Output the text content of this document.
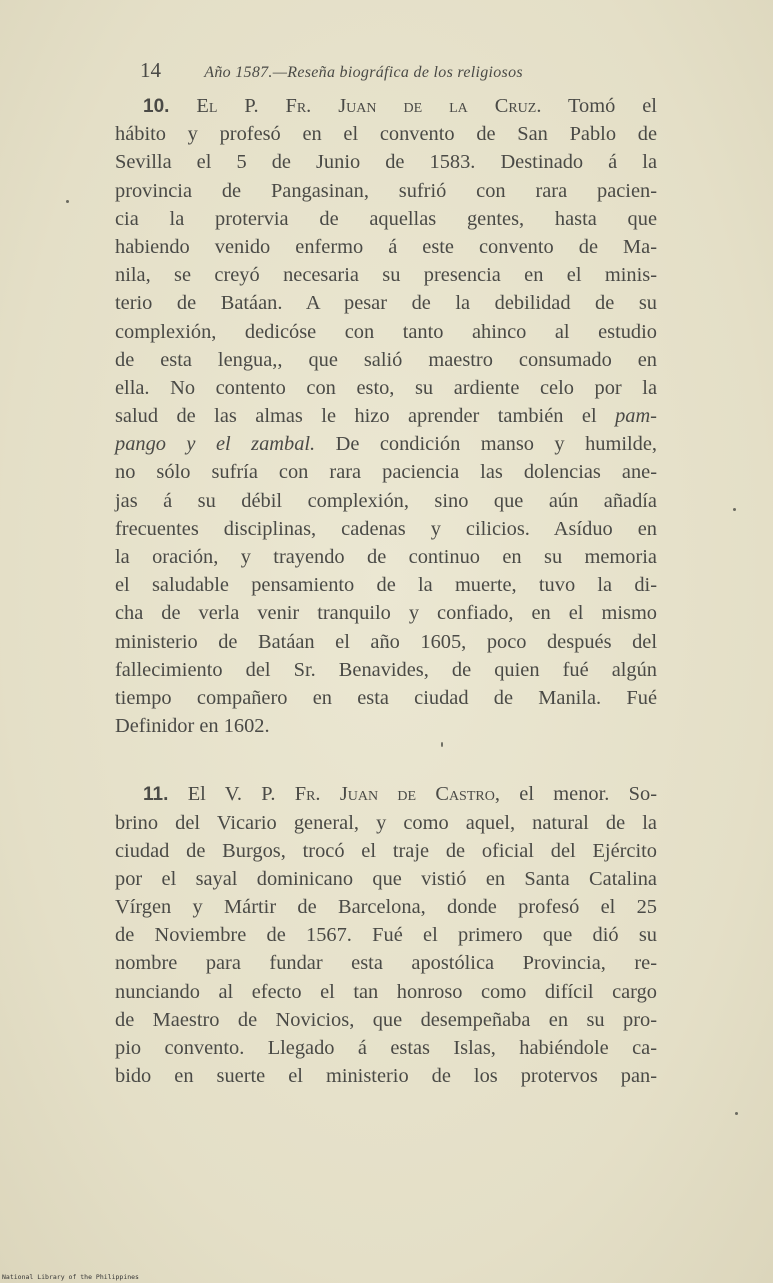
14	Año 1587.—Reseña biográfica de los religiosos
10. El P. Fr. Juan de la Cruz. Tomó el
hábito y profesó en el convento de San Pablo de
Sevilla el 5 de Junio de 1583. Destinado á la
provincia de Pangasinan, sufrió con rara pacien-
cia la protervia de aquellas gentes, hasta que
habiendo venido enfermo á este convento de Ma-
nila, se creyó necesaria su presencia en el minis-
terio de Batáan. A pesar de la debilidad de su
complexión, dedicóse con tanto ahinco al estudio
de esta lengua,, que salió maestro consumado en
ella. No contento con esto, su ardiente celo por la
salud de las almas le hizo aprender también el pam-
pango y el zambal. De condición manso y humilde,
no sólo sufría con rara paciencia las dolencias ane-
jas á su débil complexión, sino que aún añadía
frecuentes disciplinas, cadenas y cilicios. Asíduo en
la oración, y trayendo de continuo en su memoria
el saludable pensamiento de la muerte, tuvo la di-
cha de verla venir tranquilo y confiado, en el mismo
ministerio de Batáan el año 1605, poco después del
fallecimiento del Sr. Benavides, de quien fué algún
tiempo compañero en esta ciudad de Manila. Fué
Definidor en 1602.
11. El V. P. Fr. Juan de Castro, el menor. So-
brino del Vicario general, y como aquel, natural de la
ciudad de Burgos, trocó el traje de oficial del Ejército
por el sayal dominicano que vistió en Santa Catalina
Vírgen y Mártir de Barcelona, donde profesó el 25
de Noviembre de 1567. Fué el primero que dió su
nombre para fundar esta apostólica Provincia, re-
nunciando al efecto el tan honroso como difícil cargo
de Maestro de Novicios, que desempeñaba en su pro-
pio convento. Llegado á estas Islas, habiéndole ca-
bido en suerte el ministerio de los protervos pan-
National Library of the Philippines
